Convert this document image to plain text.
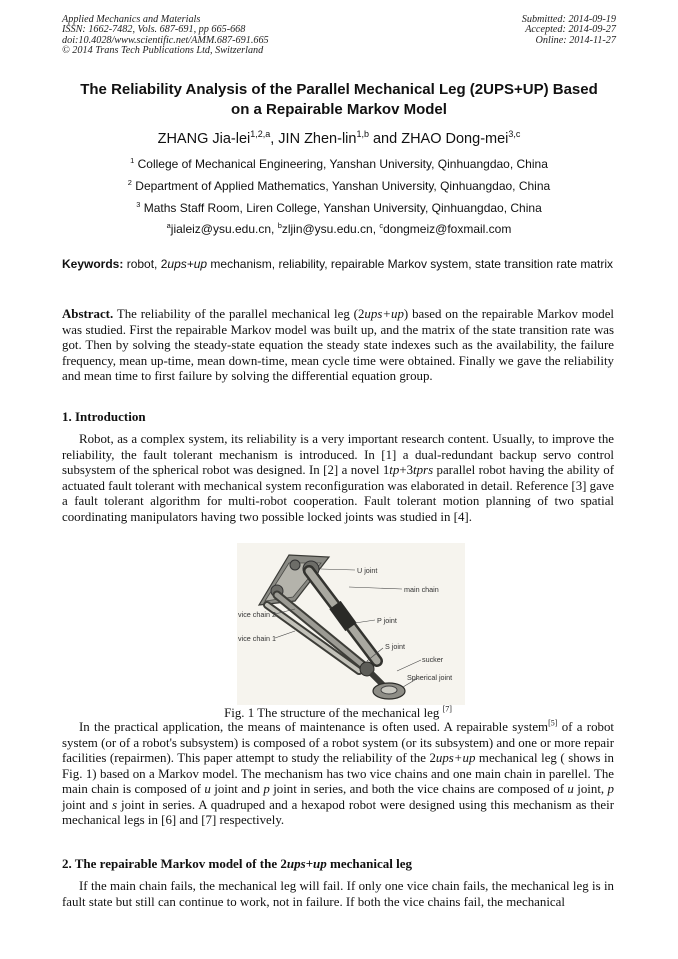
Applied Mechanics and Materials
ISSN: 1662-7482, Vols. 687-691, pp 665-668
doi:10.4028/www.scientific.net/AMM.687-691.665
© 2014 Trans Tech Publications Ltd, Switzerland
Submitted: 2014-09-19
Accepted: 2014-09-27
Online: 2014-11-27
The Reliability Analysis of the Parallel Mechanical Leg (2UPS+UP) Based
on a Repairable Markov Model
ZHANG Jia-lei$^{1,2,a}$, JIN Zhen-lin$^{1,b}$ and ZHAO Dong-mei$^{3,c}$
$^1$ College of Mechanical Engineering, Yanshan University, Qinhuangdao, China
$^2$ Department of Applied Mathematics, Yanshan University, Qinhuangdao, China
$^3$ Maths Staff Room, Liren College, Yanshan University, Qinhuangdao, China
$^a$jialeiz@ysu.edu.cn, $^b$zljin@ysu.edu.cn, $^c$dongmeiz@foxmail.com
Keywords: robot, 2ups+up mechanism, reliability, repairable Markov system, state transition rate matrix
Abstract. The reliability of the parallel mechanical leg (2ups+up) based on the repairable Markov model was studied. First the repairable Markov model was built up, and the matrix of the state transition rate was got. Then by solving the steady-state equation the steady state indexes such as the availability, the failure frequency, mean up-time, mean down-time, mean cycle time were obtained. Finally we gave the reliability and mean time to first failure by solving the differential equation group.
1. Introduction
Robot, as a complex system, its reliability is a very important research content. Usually, to improve the reliability, the fault tolerant mechanism is introduced. In [1] a dual-redundant backup servo control subsystem of the spherical robot was designed. In [2] a novel 1tp+3tprs parallel robot having the ability of actuated fault tolerant with mechanical system reconfiguration was elaborated in detail. Reference [3] gave a fault tolerant algorithm for multi-robot cooperation. Fault tolerant motion planning of two spatial coordinating manipulators having two possible locked joints was studied in [4].
U joint
main chain
vice chain 2
vice chain 1
P joint
S joint
sucker
Spherical joint
Fig. 1 The structure of the mechanical leg [7]
In the practical application, the means of maintenance is often used. A repairable system[5] of a robot system (or of a robot's subsystem) is composed of a robot system (or its subsystem) and one or more repair facilities (repairmen). This paper attempt to study the reliability of the 2ups+up mechanical leg ( shows in Fig. 1) based on a Markov model. The mechanism has two vice chains and one main chain in parellel. The main chain is composed of u joint and p joint in series, and both the vice chains are composed of u joint, p joint and s joint in series. A quadruped and a hexapod robot were designed using this mechanism as their mechanical legs in [6] and [7] respectively.
2. The repairable Markov model of the 2ups+up mechanical leg
If the main chain fails, the mechanical leg will fail. If only one vice chain fails, the mechanical leg is in fault state but still can continue to work, not in failure. If both the vice chains fail, the mechanical
